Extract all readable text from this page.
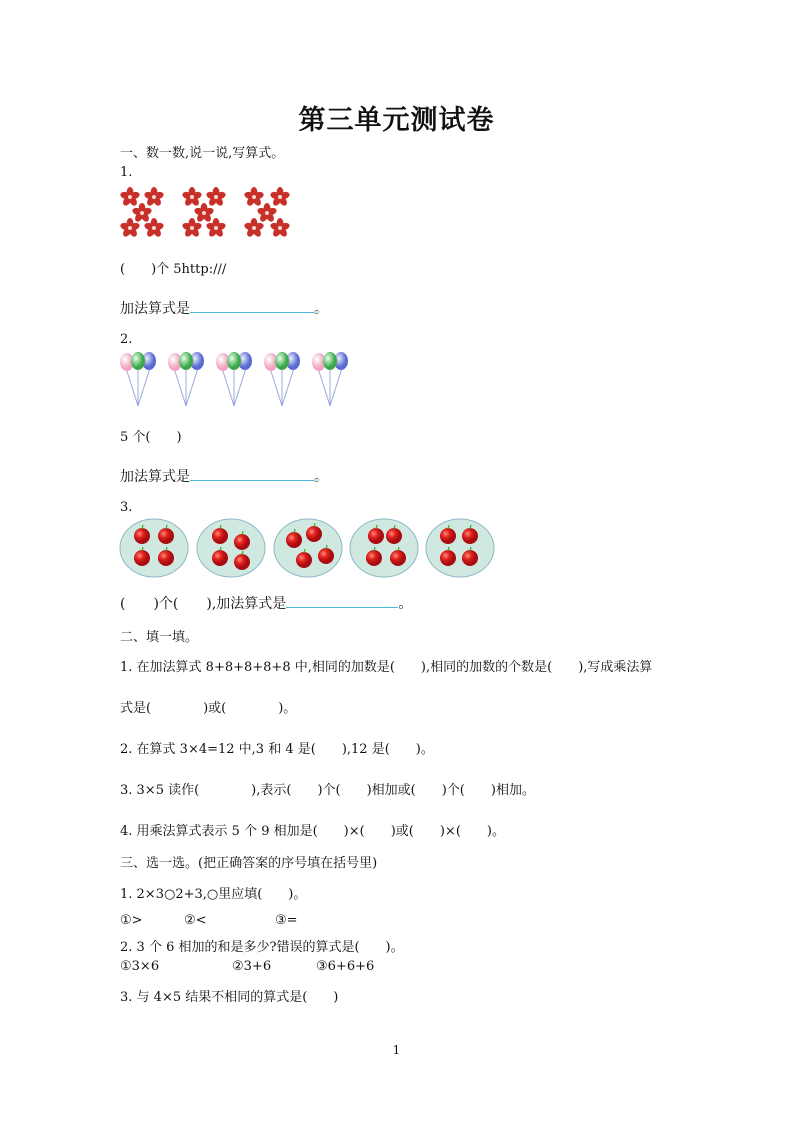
第三单元测试卷
一、数一数,说一说,写算式。
1.
(　　)个 5http:///
加法算式是	。
2.
5 个(　　)
加法算式是	。
3.
(　　)个(　　),加法算式是	。
二、填一填。
1. 在加法算式 8+8+8+8+8 中,相同的加数是(　　),相同的加数的个数是(　　),写成乘法算
式是(　　　　)或(　　　　)。
2. 在算式 3×4=12 中,3 和 4 是(　　),12 是(　　)。
3. 3×5 读作(　　　　),表示(　　)个(　　)相加或(　　)个(　　)相加。
4. 用乘法算式表示 5 个 9 相加是(　　)×(　　)或(　　)×(　　)。
三、选一选。(把正确答案的序号填在括号里)
1. 2×3○2+3,○里应填(　　)。
①>	②<	③=
2. 3 个 6 相加的和是多少?错误的算式是(　　)。
①3×6	②3+6	③6+6+6
3. 与 4×5 结果不相同的算式是(　　)
1
